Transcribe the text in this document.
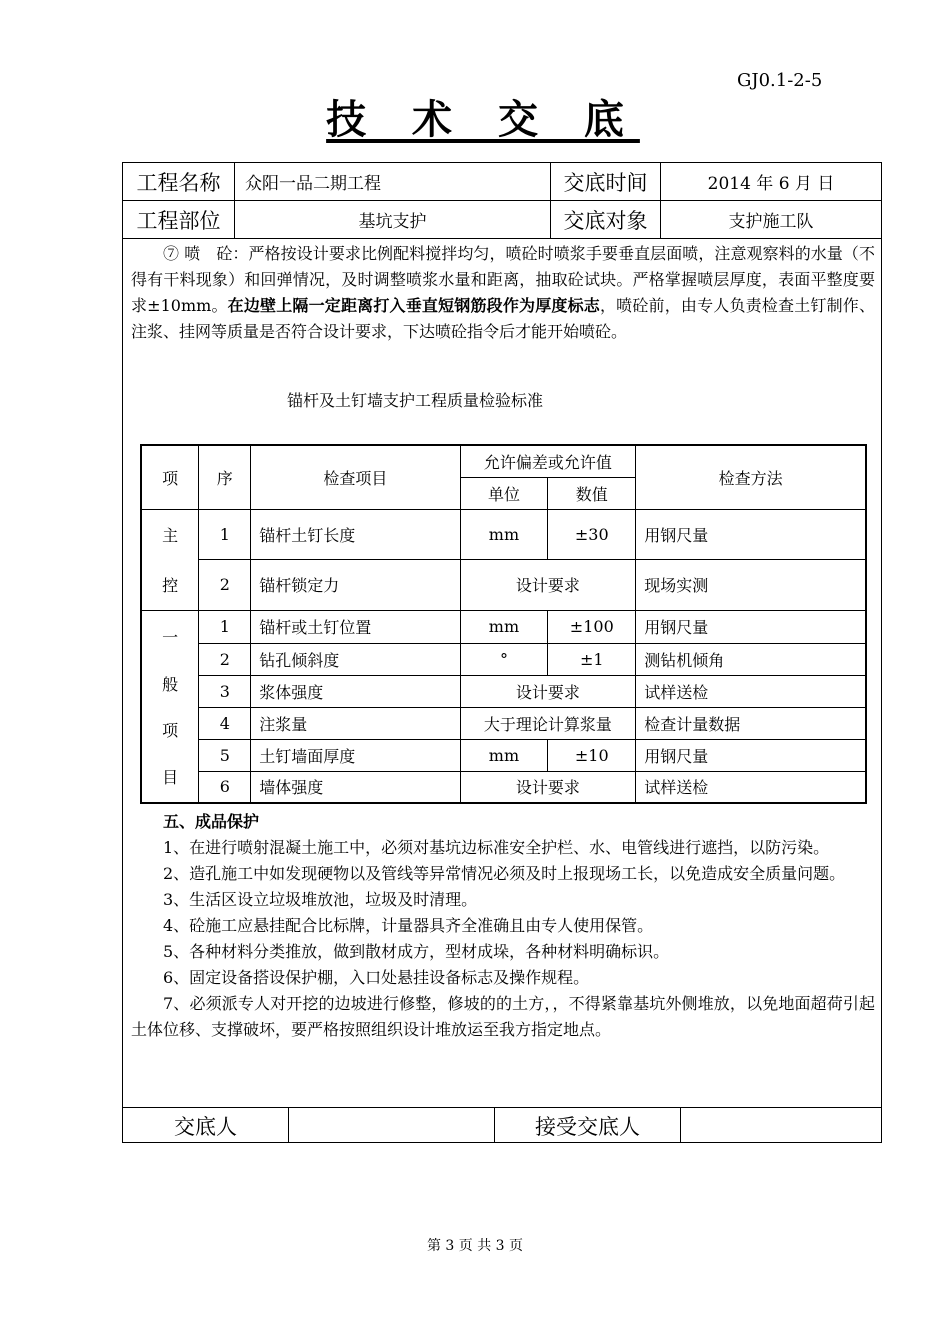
GJ0.1-2-5
技 术 交 底
工程名称	众阳一品二期工程	交底时间	2014 年 6 月 日
工程部位	基坑支护	交底对象	支护施工队

⑦ 喷　砼：严格按设计要求比例配料搅拌均匀，喷砼时喷浆手要垂直层面喷，注意观察料的水量（不得有干料现象）和回弹情况，及时调整喷浆水量和距离，抽取砼试块。严格掌握喷层厚度，表面平整度要求±10mm。在边壁上隔一定距离打入垂直短钢筋段作为厚度标志，喷砼前，由专人负责检查土钉制作、注浆、挂网等质量是否符合设计要求，下达喷砼指令后才能开始喷砼。

锚杆及土钉墙支护工程质量检验标准
项	序	检查项目	允许偏差或允许值		检查方法
			单位	数值	

主
控	1	锚杆土钉长度	mm	±30	用钢尺量
	2	锚杆锁定力	设计要求		现场实测

一
般
项
目	1	锚杆或土钉位置	mm	±100	用钢尺量
	2	钻孔倾斜度	°	±1	测钻机倾角
	3	浆体强度	设计要求		试样送检
	4	注浆量	大于理论计算浆量		检查计量数据
	5	土钉墙面厚度	mm	±10	用钢尺量
	6	墙体强度	设计要求		试样送检

五、成品保护

1、在进行喷射混凝土施工中，必须对基坑边标准安全护栏、水、电管线进行遮挡，以防污染。

2、造孔施工中如发现硬物以及管线等异常情况必须及时上报现场工长，以免造成安全质量问题。

3、生活区设立垃圾堆放池，垃圾及时清理。

4、砼施工应悬挂配合比标牌，计量器具齐全准确且由专人使用保管。

5、各种材料分类推放，做到散材成方，型材成垛，各种材料明确标识。

6、固定设备搭设保护棚，入口处悬挂设备标志及操作规程。

7、必须派专人对开挖的边坡进行修整，修坡的的土方，，不得紧靠基坑外侧堆放，以免地面超荷引起土体位移、支撑破坏，要严格按照组织设计堆放运至我方指定地点。

交底人	接受交底人
第 3 页 共 3 页
